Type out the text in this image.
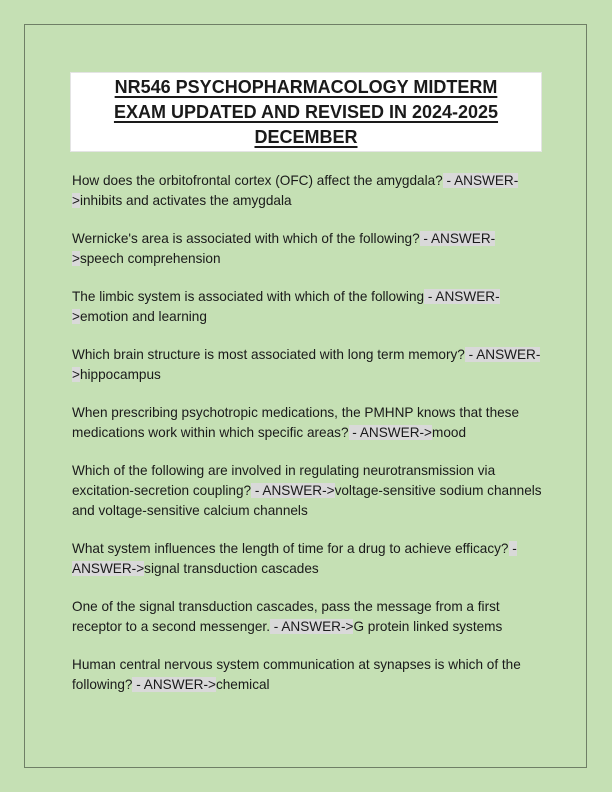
NR546 PSYCHOPHARMACOLOGY MIDTERM
EXAM UPDATED AND REVISED IN 2024-2025
DECEMBER

How does the orbitofrontal cortex (OFC) affect the amygdala? - ANSWER->inhibits and activates the amygdala

Wernicke's area is associated with which of the following? - ANSWER->speech comprehension

The limbic system is associated with which of the following - ANSWER->emotion and learning

Which brain structure is most associated with long term memory? - ANSWER->hippocampus

When prescribing psychotropic medications, the PMHNP knows that these medications work within which specific areas? - ANSWER->mood

Which of the following are involved in regulating neurotransmission via excitation-secretion coupling? - ANSWER->voltage-sensitive sodium channels and voltage-sensitive calcium channels

What system influences the length of time for a drug to achieve efficacy? - ANSWER->signal transduction cascades

One of the signal transduction cascades, pass the message from a first receptor to a second messenger. - ANSWER->G protein linked systems

Human central nervous system communication at synapses is which of the following? - ANSWER->chemical
